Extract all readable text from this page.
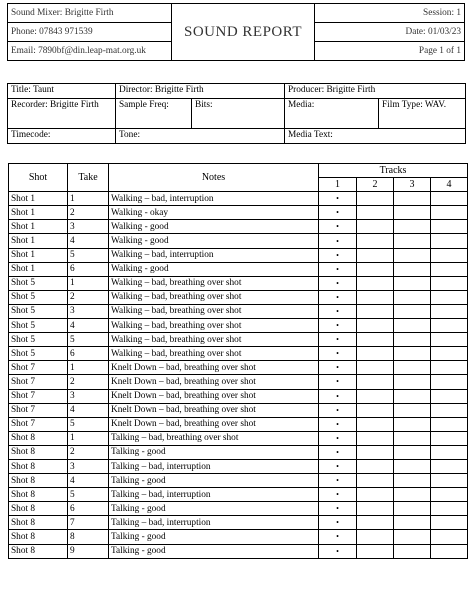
Sound Mixer: Brigitte Firth	SOUND REPORT	Session: 1
Phone: 07843 971539		Date: 01/03/23
Email: 7890bf@din.leap-mat.org.uk		Page 1 of 1
Title: Taunt	Director: Brigitte Firth		Producer: Brigitte Firth	
Recorder: Brigitte Firth	Sample Freq:	Bits:	Media:	Film Type: WAV.
Timecode:	Tone:		Media Text:	
Shot	Take	Notes	Tracks			
			1	2	3	4
Shot 1	1	Walking – bad, interruption	•			
Shot 1	2	Walking - okay	•			
Shot 1	3	Walking - good	•			
Shot 1	4	Walking - good	•			
Shot 1	5	Walking – bad, interruption	•			
Shot 1	6	Walking - good	•			
Shot 5	1	Walking – bad, breathing over shot	•			
Shot 5	2	Walking – bad, breathing over shot	•			
Shot 5	3	Walking – bad, breathing over shot	•			
Shot 5	4	Walking – bad, breathing over shot	•			
Shot 5	5	Walking – bad, breathing over shot	•			
Shot 5	6	Walking – bad, breathing over shot	•			
Shot 7	1	Knelt Down – bad, breathing over shot	•			
Shot 7	2	Knelt Down – bad, breathing over shot	•			
Shot 7	3	Knelt Down – bad, breathing over shot	•			
Shot 7	4	Knelt Down – bad, breathing over shot	•			
Shot 7	5	Knelt Down – bad, breathing over shot	•			
Shot 8	1	Talking – bad, breathing over shot	•			
Shot 8	2	Talking - good	•			
Shot 8	3	Talking – bad, interruption	•			
Shot 8	4	Talking - good	•			
Shot 8	5	Talking – bad, interruption	•			
Shot 8	6	Talking - good	•			
Shot 8	7	Talking – bad, interruption	•			
Shot 8	8	Talking - good	•			
Shot 8	9	Talking - good	•			
